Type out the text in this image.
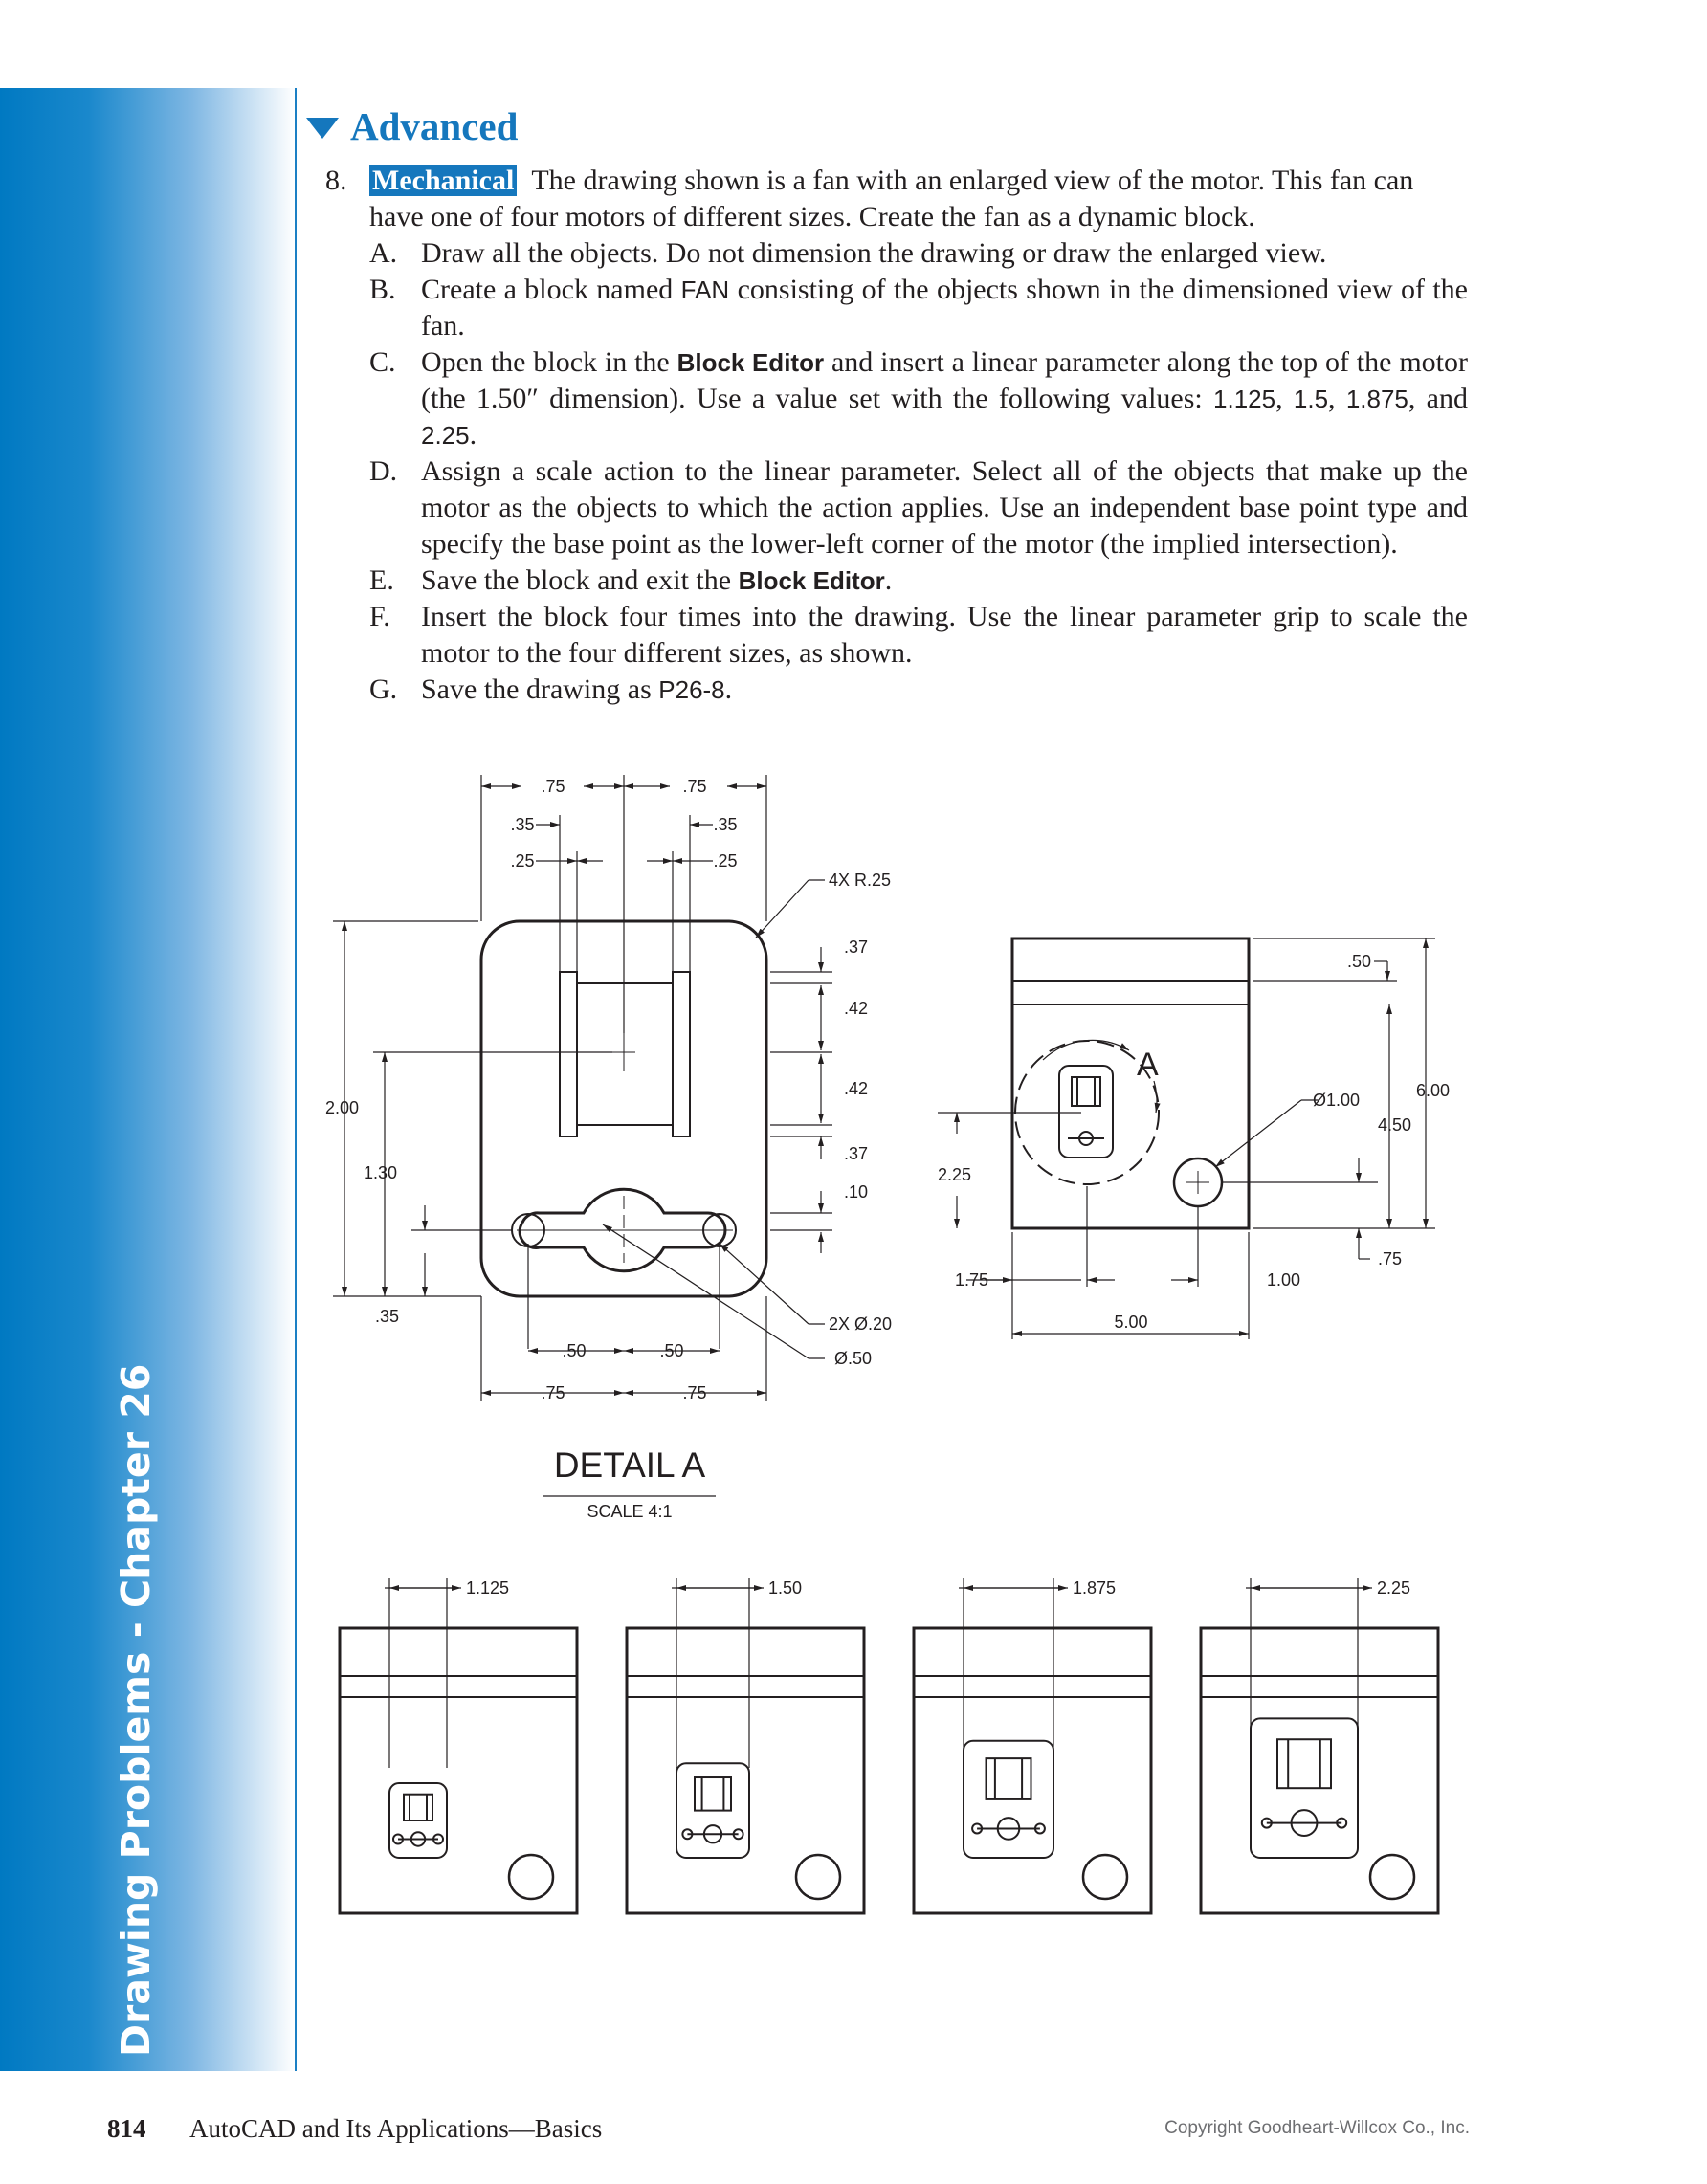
Drawing Problems - Chapter 26
Advanced
8. Mechanical The drawing shown is a fan with an enlarged view of the motor. This fan can have one of four motors of different sizes. Create the fan as a dynamic block.
A. Draw all the objects. Do not dimension the drawing or draw the enlarged view.
B. Create a block named FAN consisting of the objects shown in the dimensioned view of the fan.
C. Open the block in the Block Editor and insert a linear parameter along the top of the motor (the 1.50″ dimension). Use a value set with the following values: 1.125, 1.5, 1.875, and 2.25.
D. Assign a scale action to the linear parameter. Select all of the objects that make up the motor as the objects to which the action applies. Use an independent base point type and specify the base point as the lower-left corner of the motor (the implied intersection).
E. Save the block and exit the Block Editor.
F. Insert the block four times into the drawing. Use the linear parameter grip to scale the motor to the four different sizes, as shown.
G. Save the drawing as P26-8.
.75	.75
.35	.35
.25	.25
4X R.25
.37
.42
.42
.37
.10
2.00
1.30
.35
.50	.50
.75	.75
2X Ø.20
Ø.50
DETAIL A
SCALE 4:1
A
.50
6.00
Ø1.00
4.50
2.25
.75
1.75	1.00
5.00
1.125	1.50	1.875	2.25
814 AutoCAD and Its Applications—Basics	Copyright Goodheart-Willcox Co., Inc.
